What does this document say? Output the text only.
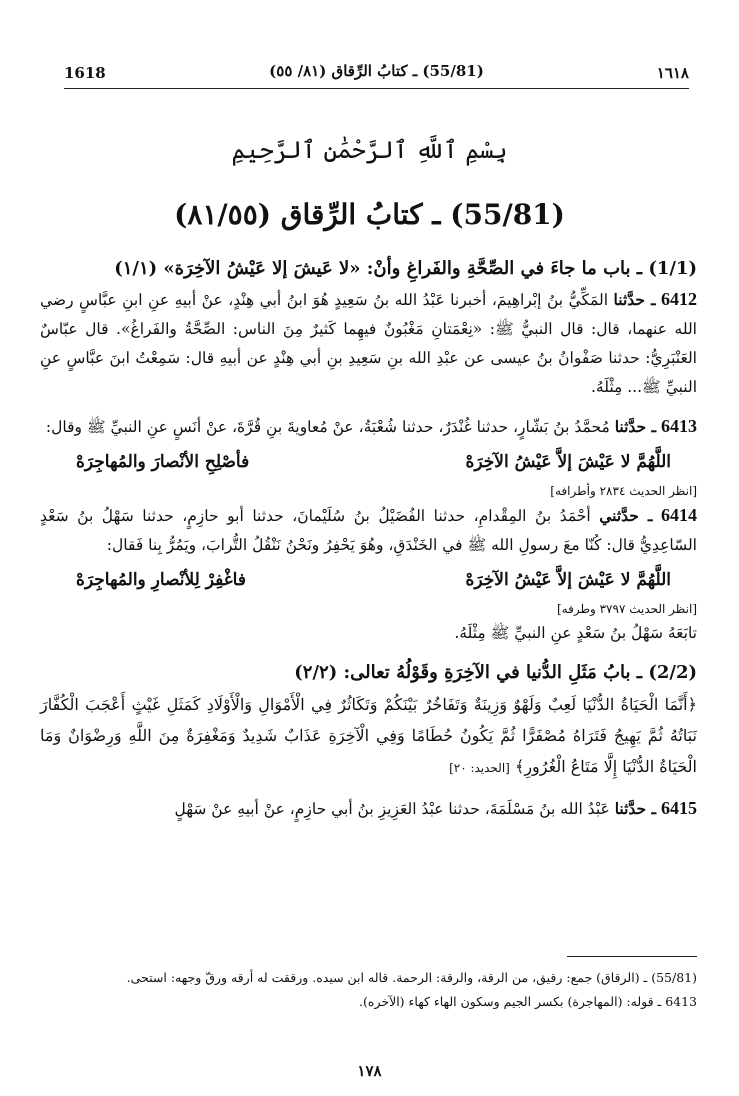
1618	(55/81) ـ كتابُ الرِّقاق (٨١/ ٥٥)	١٦١٨
بِسْمِ ٱللَّهِ ٱلرَّحْمَٰنِ ٱلرَّحِيمِ
(55/81) ـ كتابُ الرِّقاق (٨١/٥٥)

(1/1) ـ باب ما جاءَ في الصِّحَّةِ والفَراغِ وأنْ: «لا عَيشَ إلا عَيْشُ الآخِرَة» (١/١)

6412 ـ حدَّثنا المَكِّيُّ بنُ إبْراهِيمَ، أخبرنا عَبْدُ الله بنُ سَعِيدٍ هُوَ ابنُ أبي هِنْدٍ، عنْ أبيهِ عنِ ابنِ عبَّاسٍ رضي الله عنهما، قال: قال النبيُّ ﷺ: «نِعْمَتانِ مَغْبُونٌ فيهِما كَثيرٌ مِنَ الناس: الصِّحَّةُ والفَراغُ». قال عبّاسٌ العَنْبَرِيُّ: حدثنا صَفْوانُ بنُ عيسى عن عبْدِ الله بنِ سَعِيدِ بنِ أبي هِنْدٍ عن أبيهِ قال: سَمِعْتُ ابنَ عبَّاسٍ عنِ النبيِّ ﷺ... مِثْلَهُ.

6413 ـ حدَّثنا مُحمَّدُ بنُ بَشّارٍ، حدثنا غُنْدَرٌ، حدثنا شُعْبَةُ، عنْ مُعاويةَ بنِ قُرَّةَ، عنْ أنَسٍ عنِ النبيِّ ﷺ وقال:

اللَّهُمَّ لا عَيْشَ إلاَّ عَيْشُ الآخِرَهْ
فأصْلِحِ الأنْصارَ والمُهاجِرَهْ

[انظر الحديث ٢٨٣٤ وأطرافه]

6414 ـ حدَّثني أحْمَدُ بنُ المِقْدامِ، حدثنا الفُضَيْلُ بنُ سُلَيْمانَ، حدثنا أبو حازِمٍ، حدثنا سَهْلُ بنُ سَعْدٍ السّاعِدِيُّ قال: كُنّا معَ رسولِ الله ﷺ في الخَنْدَقِ، وهُوَ يَحْفِرُ ونَحْنُ نَنْقُلُ التُّرابَ، ويَمُرُّ بِنا فَقال:

اللَّهُمَّ لا عَيْشَ إلاَّ عَيْشُ الآخِرَهْ
فاغْفِرْ لِلأنْصارِ والمُهاجِرَهْ

[انظر الحديث ٣٧٩٧ وطرفه]

تابَعَهُ سَهْلُ بنُ سَعْدٍ عنِ النبيِّ ﷺ مِثْلَهُ.

(2/2) ـ بابُ مَثَلِ الدُّنيا في الآخِرَةِ وقَوْلُهُ تعالى: (٢/٢)

﴿أَنَّمَا الْحَيَاةُ الدُّنْيَا لَعِبٌ وَلَهْوٌ وَزِينَةٌ وَتَفَاخُرٌ بَيْنَكُمْ وَتَكَاثُرٌ فِي الْأَمْوَالِ وَالْأَوْلَادِ كَمَثَلِ غَيْثٍ أَعْجَبَ الْكُفَّارَ نَبَاتُهُ ثُمَّ يَهِيجُ فَتَرَاهُ مُصْفَرًّا ثُمَّ يَكُونُ حُطَامًا وَفِي الْآخِرَةِ عَذَابٌ شَدِيدٌ وَمَغْفِرَةٌ مِنَ اللَّهِ وَرِضْوَانٌ وَمَا الْحَيَاةُ الدُّنْيَا إِلَّا مَتَاعُ الْغُرُورِ﴾ [الحديد: ٢٠]

6415 ـ حدَّثنا عَبْدُ الله بنُ مَسْلَمَةَ، حدثنا عبْدُ العَزِيزِ بنُ أبي حازِمٍ، عنْ أبيهِ عنْ سَهْلٍ

(55/81) ـ (الرقاق) جمع: رقيق، من الرقة، والرقة: الرحمة. قاله ابن سيده. ورققت له أرقه ورقّ وجهه: استحى.
6413 ـ قوله: (المهاجرة) بكسر الجيم وسكون الهاء كهاء (الآخره).
١٧٨
